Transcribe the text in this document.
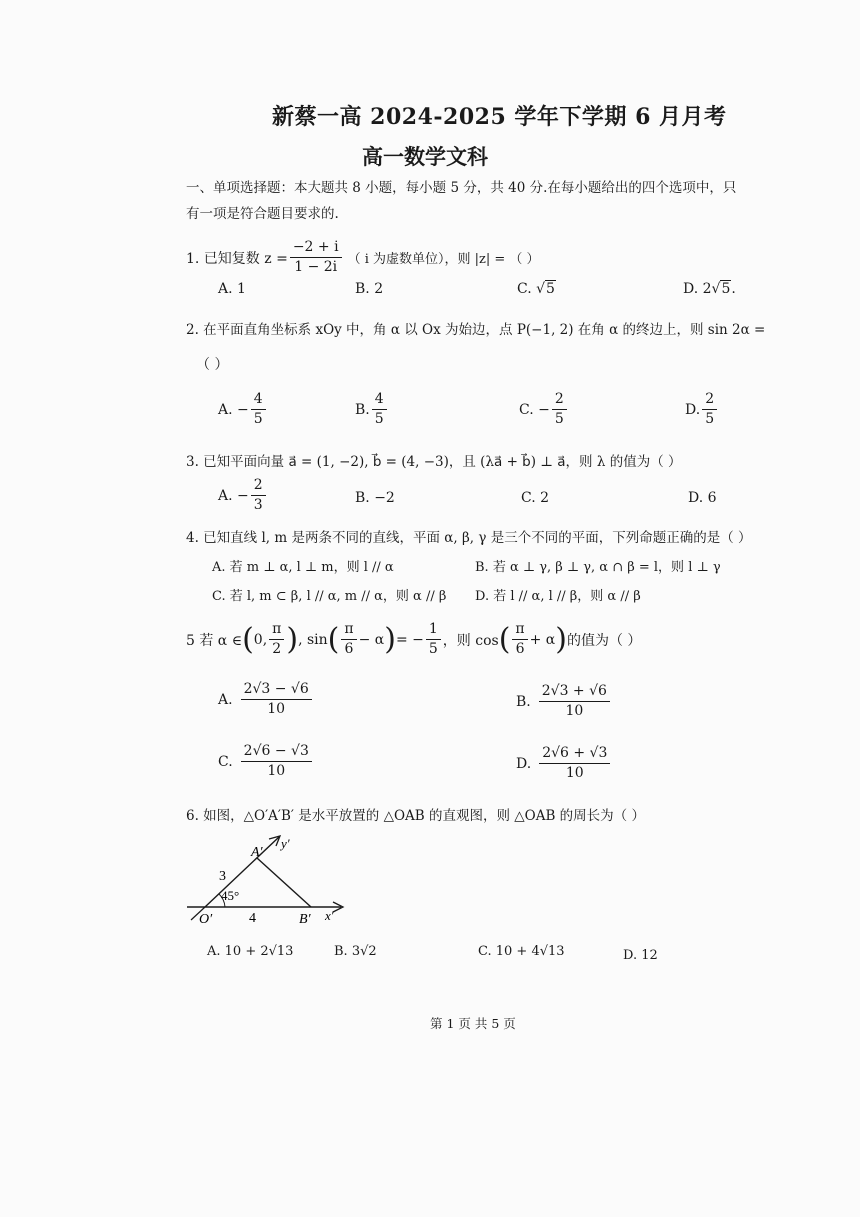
新蔡一高 2024-2025 学年下学期 6 月月考
高一数学文科
一、单项选择题：本大题共 8 小题，每小题 5 分，共 40 分.在每小题给出的四个选项中，只
有一项是符合题目要求的.
1. 已知复数 $z = \frac{-2 + i}{1 - 2i}$ （ i 为虚数单位），则 |z| = （ ）
A. 1	B. 2	C. √5	D. 2√5.
2. 在平面直角坐标系 xOy 中，角 α 以 Ox 为始边，点 P(−1, 2) 在角 α 的终边上，则 sin 2α =
（ ）
A. − $\frac{4}{5}$	B. $\frac{4}{5}$	C. − $\frac{2}{5}$	D. $\frac{2}{5}$
3. 已知平面向量 a⃗ = (1, −2), b⃗ = (4, −3)，且 (λa⃗ + b⃗) ⊥ a⃗，则 λ 的值为（ ）
A. − $\frac{2}{3}$	B. −2	C. 2	D. 6
4. 已知直线 l, m 是两条不同的直线，平面 α, β, γ 是三个不同的平面，下列命题正确的是（ ）
A. 若 m ⊥ α, l ⊥ m，则 l // α	B. 若 α ⊥ γ, β ⊥ γ, α ∩ β = l，则 l ⊥ γ
C. 若 l, m ⊂ β, l // α, m // α，则 α // β D. 若 l // α, l // β，则 α // β
5 若 α ∈ ( 0, $\frac{\pi}{2}$ ) , sin ( $\frac{\pi}{6} - \alpha$ ) = − $\frac{1}{5}$ ，则 cos ( $\frac{\pi}{6} + \alpha$ ) 的值为（ ）
A. $\frac{2√3 - √6}{10}$	B. $\frac{2√3 + √6}{10}$
C. $\frac{2√6 - √3}{10}$	D. $\frac{2√6 + √3}{10}$
6. 如图，△O′A′B′ 是水平放置的 △OAB 的直观图，则 △OAB 的周长为（ ）
A′
y′
3
45°
O′	4	B′ x′
A. 10 + 2√13	B. 3√2	C. 10 + 4√13	D. 12
第 1 页 共 5 页
